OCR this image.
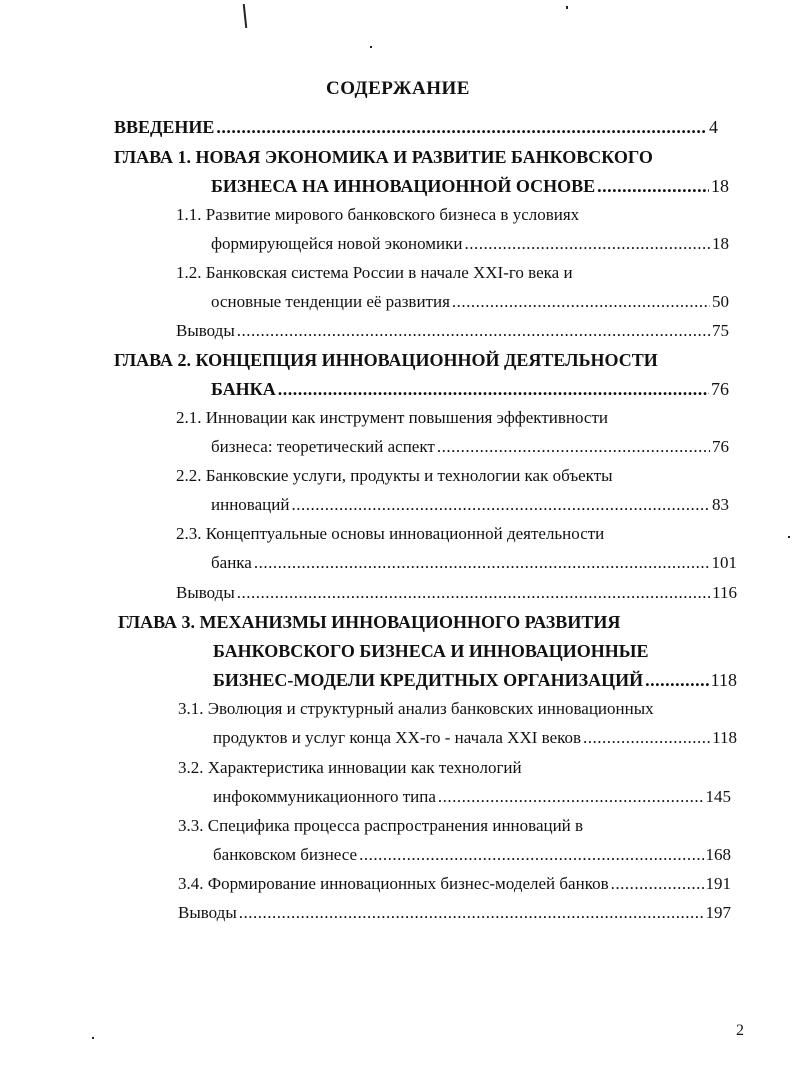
СОДЕРЖАНИЕ
ВВЕДЕНИЕ .....	4
ГЛАВА 1. НОВАЯ ЭКОНОМИКА И РАЗВИТИЕ БАНКОВСКОГО
БИЗНЕСА НА ИННОВАЦИОННОЙ ОСНОВЕ .....	18
1.1. Развитие мирового банковского бизнеса в условиях
формирующейся новой экономики .....	18
1.2. Банковская система России в начале XXI-го века и
основные тенденции её развития .....	50
Выводы .....	75
ГЛАВА 2. КОНЦЕПЦИЯ ИННОВАЦИОННОЙ ДЕЯТЕЛЬНОСТИ
БАНКА .....	76
2.1. Инновации как инструмент повышения эффективности
бизнеса: теоретический аспект .....	76
2.2. Банковские услуги, продукты и технологии как объекты
инноваций .....	83
2.3. Концептуальные основы инновационной деятельности
банка .....	101
Выводы .....	116
ГЛАВА 3. МЕХАНИЗМЫ ИННОВАЦИОННОГО РАЗВИТИЯ
БАНКОВСКОГО БИЗНЕСА И ИННОВАЦИОННЫЕ
БИЗНЕС-МОДЕЛИ КРЕДИТНЫХ ОРГАНИЗАЦИЙ .....	118
3.1. Эволюция и структурный анализ банковских инновационных
продуктов и услуг конца XX-го - начала XXI веков .....	118
3.2. Характеристика инновации как технологий
инфокоммуникационного типа .....	145
3.3. Специфика процесса распространения инноваций в
банковском бизнесе .....	168
3.4. Формирование инновационных бизнес-моделей банков .....	191
Выводы .....	197
2
